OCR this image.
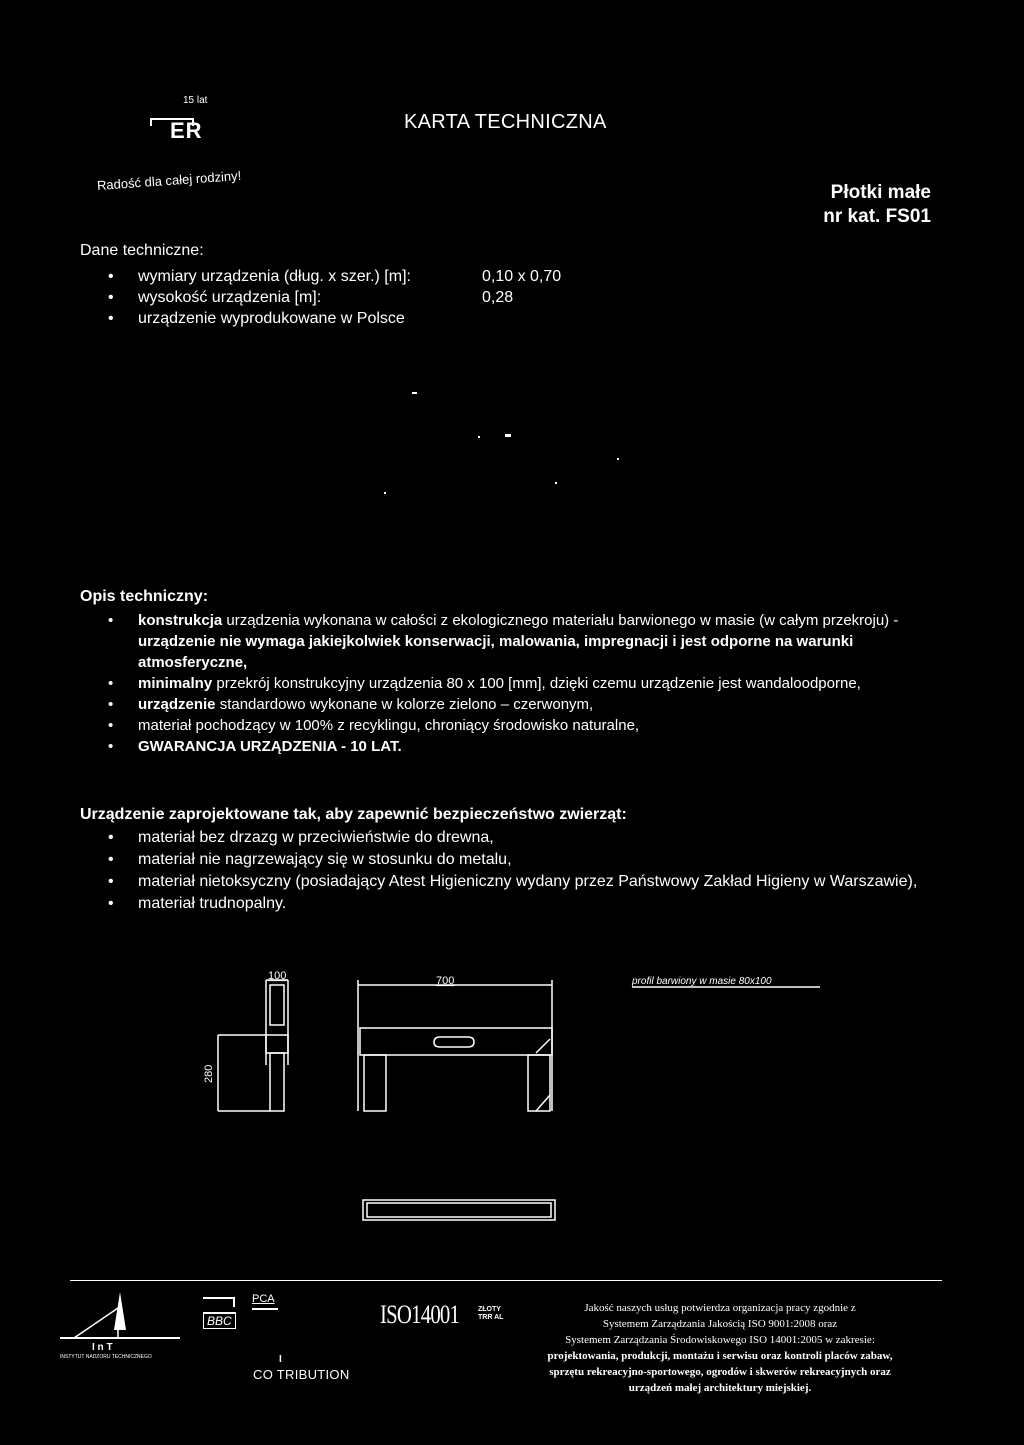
15 lat
ER	KARTA TECHNICZNA
Radość dla całej rodziny!	Płotki małe
nr kat. FS01
Dane techniczne:
• wymiary urządzenia (dług. x szer.) [m]:	0,10 x 0,70
• wysokość urządzenia [m]:	0,28
• urządzenie wyprodukowane w Polsce
Opis techniczny:
• konstrukcja urządzenia wykonana w całości z ekologicznego materiału barwionego w masie (w całym przekroju) - urządzenie nie wymaga jakiejkolwiek konserwacji, malowania, impregnacji i jest odporne na warunki atmosferyczne,
• minimalny przekrój konstrukcyjny urządzenia 80 x 100 [mm], dzięki czemu urządzenie jest wandaloodporne,
• urządzenie standardowo wykonane w kolorze zielono – czerwonym,
• materiał pochodzący w 100% z recyklingu, chroniący środowisko naturalne,
• GWARANCJA URZĄDZENIA - 10 LAT.
Urządzenie zaprojektowane tak, aby zapewnić bezpieczeństwo zwierząt:
• materiał bez drzazg w przeciwieństwie do drewna,
• materiał nie nagrzewający się w stosunku do metalu,
• materiał nietoksyczny (posiadający Atest Higieniczny wydany przez Państwowy Zakład Higieny w Warszawie),
• materiał trudnopalny.
100	700
280
profil barwiony w masie 80x100
I n T
INSTYTUT NADZORU TECHNICZNEGO
BBC
PCA
ISO14001	ZŁOTY
TRR AL
I
CO TRIBUTION
Jakość naszych usług potwierdza organizacja pracy zgodnie z
Systemem Zarządzania Jakością ISO 9001:2008 oraz
Systemem Zarządzania Środowiskowego ISO 14001:2005 w zakresie:
projektowania, produkcji, montażu i serwisu oraz kontroli placów zabaw,
sprzętu rekreacyjno-sportowego, ogrodów i skwerów rekreacyjnych oraz
urządzeń małej architektury miejskiej.
